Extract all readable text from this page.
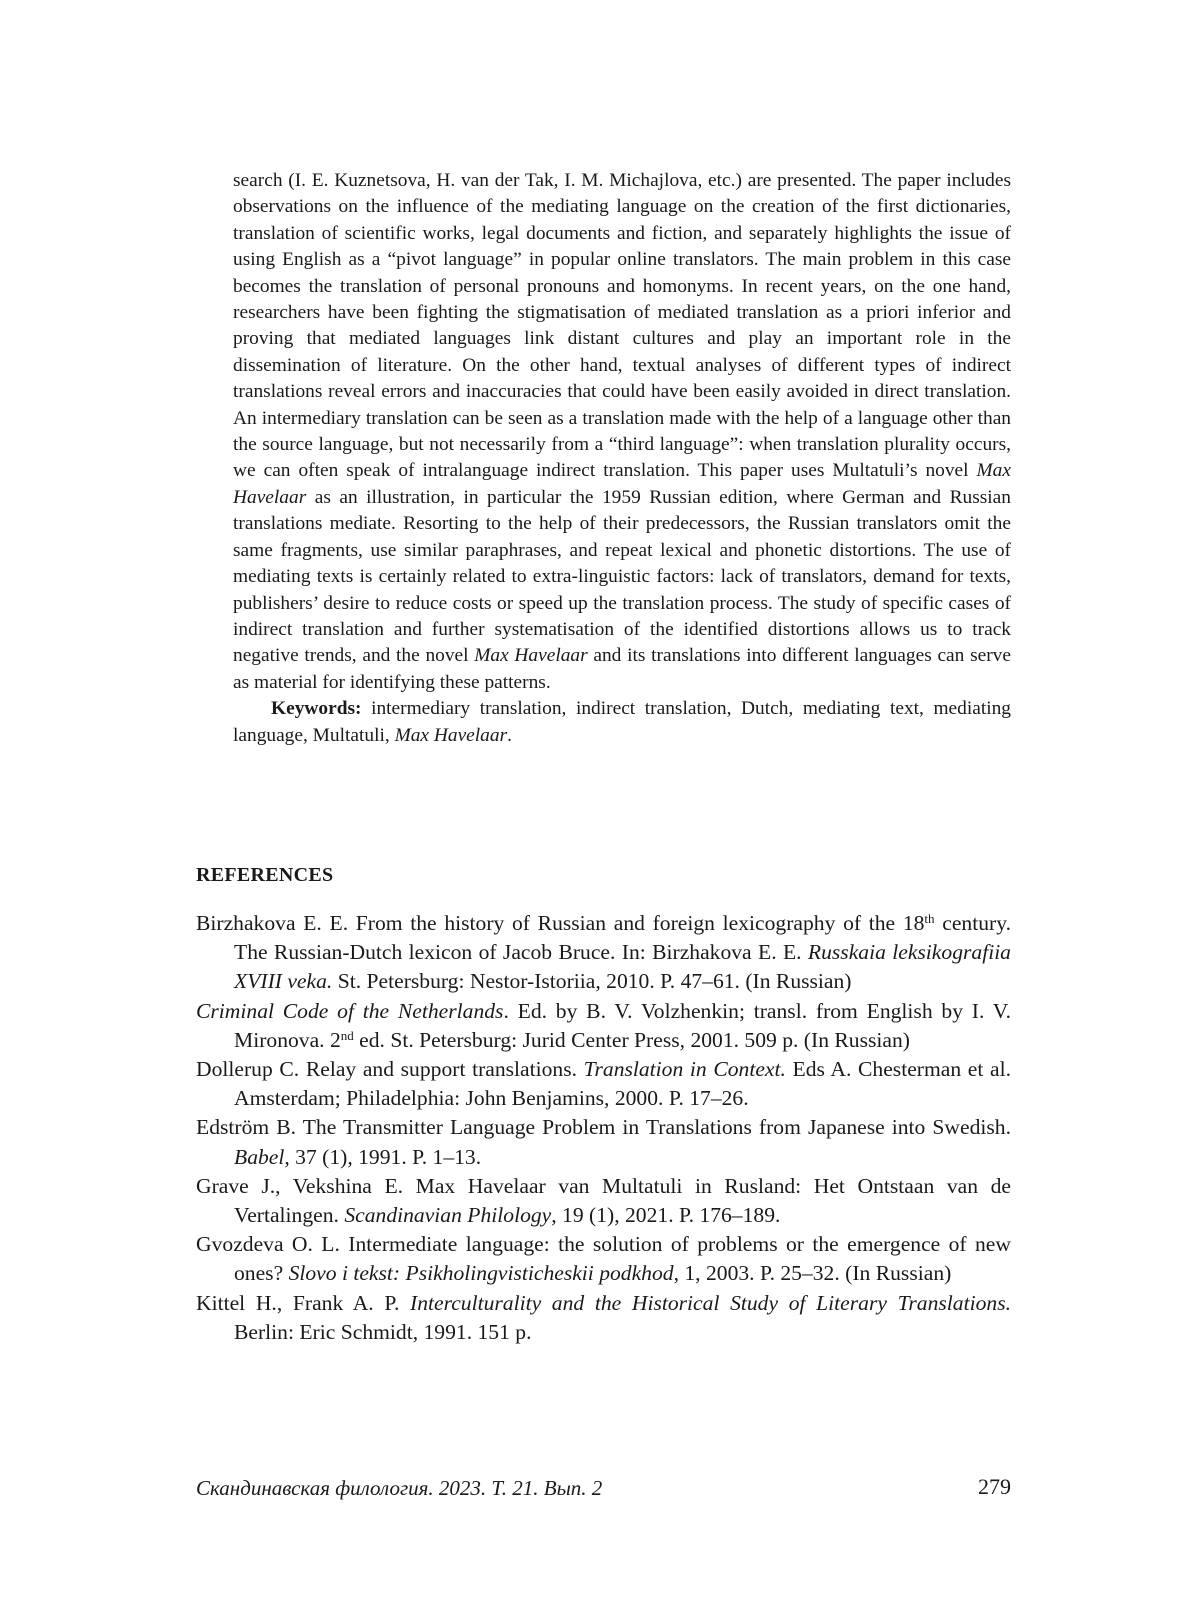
search (I. E. Kuznetsova, H. van der Tak, I. M. Michajlova, etc.) are presented. The paper includes observations on the influence of the mediating language on the creation of the first dictionaries, translation of scientific works, legal documents and fiction, and separately highlights the issue of using English as a “pivot language” in popular online translators. The main problem in this case becomes the translation of personal pronouns and homonyms. In recent years, on the one hand, researchers have been fighting the stigmatisation of mediated translation as a priori inferior and proving that mediated languages link distant cultures and play an important role in the dissemination of literature. On the other hand, textual analyses of different types of indirect translations reveal errors and inaccuracies that could have been easily avoided in direct translation. An intermediary translation can be seen as a translation made with the help of a language other than the source language, but not necessarily from a “third language”: when translation plurality occurs, we can often speak of intralanguage indirect translation. This paper uses Multatuli’s novel Max Havelaar as an illustration, in particular the 1959 Russian edition, where German and Russian translations mediate. Resorting to the help of their predecessors, the Russian translators omit the same fragments, use similar paraphrases, and repeat lexical and phonetic distortions. The use of mediating texts is certainly related to extra-linguistic factors: lack of translators, demand for texts, publishers’ desire to reduce costs or speed up the translation process. The study of specific cases of indirect translation and further systematisation of the identified distortions allows us to track negative trends, and the novel Max Havelaar and its translations into different languages can serve as material for identifying these patterns.

Keywords: intermediary translation, indirect translation, Dutch, mediating text, mediating language, Multatuli, Max Havelaar.

REFERENCES
Birzhakova E. E. From the history of Russian and foreign lexicography of the 18th century. The Russian-Dutch lexicon of Jacob Bruce. In: Birzhakova E. E. Russkaia leksikografiia XVIII veka. St. Petersburg: Nestor-Istoriia, 2010. P. 47–61. (In Russian)
Criminal Code of the Netherlands. Ed. by B. V. Volzhenkin; transl. from English by I. V. Mironova. 2nd ed. St. Petersburg: Jurid Center Press, 2001. 509 p. (In Russian)
Dollerup C. Relay and support translations. Translation in Context. Eds A. Chesterman et al. Amsterdam; Philadelphia: John Benjamins, 2000. P. 17–26.
Edström B. The Transmitter Language Problem in Translations from Japanese into Swedish. Babel, 37 (1), 1991. P. 1–13.
Grave J., Vekshina E. Max Havelaar van Multatuli in Rusland: Het Ontstaan van de Vertalingen. Scandinavian Philology, 19 (1), 2021. P. 176–189.
Gvozdeva O. L. Intermediate language: the solution of problems or the emergence of new ones? Slovo i tekst: Psikholingvisticheskii podkhod, 1, 2003. P. 25–32. (In Russian)
Kittel H., Frank A. P. Interculturality and the Historical Study of Literary Translations. Berlin: Eric Schmidt, 1991. 151 p.

Скандинавская филология. 2023. Т. 21. Вып. 2	279
